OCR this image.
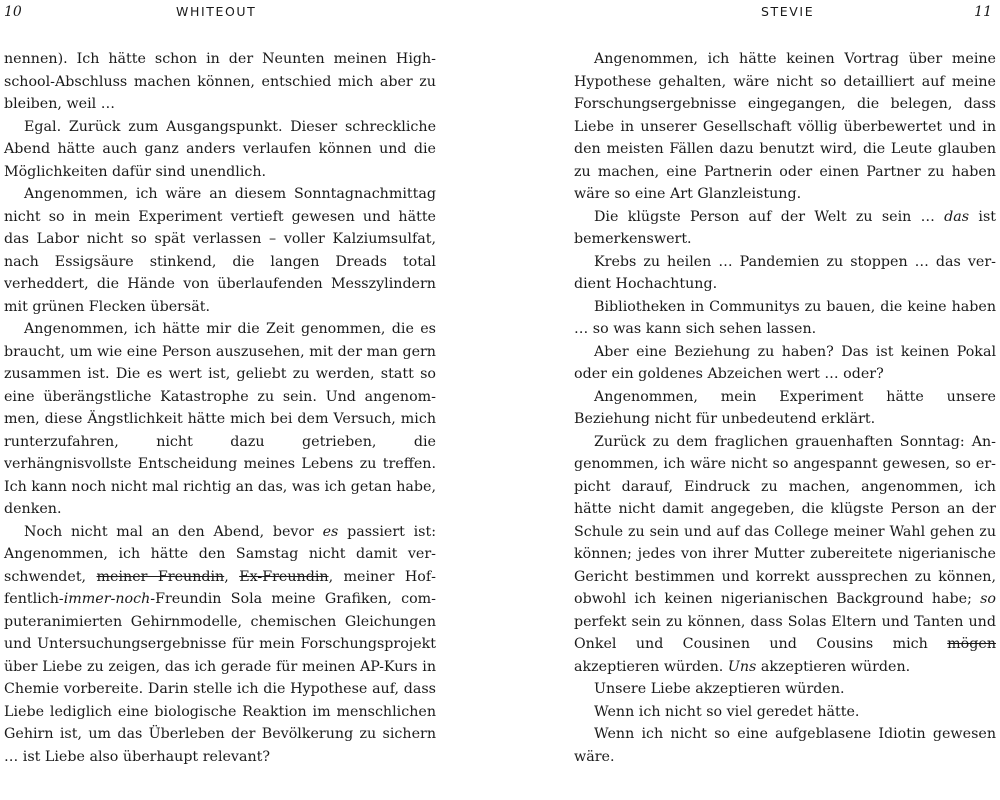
10	WHITEOUT

nennen). Ich hätte schon in der Neunten meinen Highschool-Abschluss machen können, entschied mich aber zu bleiben, weil …

Egal. Zurück zum Ausgangspunkt. Dieser schreckliche Abend hätte auch ganz anders verlaufen können und die Möglichkeiten dafür sind unendlich.

Angenommen, ich wäre an diesem Sonntagnachmittag nicht so in mein Experiment vertieft gewesen und hätte das Labor nicht so spät verlassen – voller Kalziumsulfat, nach Essigsäure stinkend, die langen Dreads total verheddert, die Hände von überlaufenden Messzylindern mit grünen Flecken übersät.

Angenommen, ich hätte mir die Zeit genommen, die es braucht, um wie eine Person auszusehen, mit der man gern zusammen ist. Die es wert ist, geliebt zu werden, statt so eine überängstliche Katastrophe zu sein. Und angenommen, diese Ängstlichkeit hätte mich bei dem Versuch, mich runterzufahren, nicht dazu getrieben, die verhängnisvollste Entscheidung meines Lebens zu treffen. Ich kann noch nicht mal richtig an das, was ich getan habe, denken.

Noch nicht mal an den Abend, bevor es passiert ist: Angenommen, ich hätte den Samstag nicht damit verschwendet, meiner Freundin, Ex-Freundin, meiner Hoffentlich-immer-noch-Freundin Sola meine Grafiken, computeranimierten Gehirnmodelle, chemischen Gleichungen und Untersuchungsergebnisse für mein Forschungsprojekt über Liebe zu zeigen, das ich gerade für meinen AP-Kurs in Chemie vorbereite. Darin stelle ich die Hypothese auf, dass Liebe lediglich eine biologische Reaktion im menschlichen Gehirn ist, um das Überleben der Bevölkerung zu sichern … ist Liebe also überhaupt relevant?

STEVIE	11

Angenommen, ich hätte keinen Vortrag über meine Hypothese gehalten, wäre nicht so detailliert auf meine Forschungsergebnisse eingegangen, die belegen, dass Liebe in unserer Gesellschaft völlig überbewertet und in den meisten Fällen dazu benutzt wird, die Leute glauben zu machen, eine Partnerin oder einen Partner zu haben wäre so eine Art Glanzleistung.

Die klügste Person auf der Welt zu sein … das ist bemerkenswert.

Krebs zu heilen … Pandemien zu stoppen … das verdient Hochachtung.

Bibliotheken in Communitys zu bauen, die keine haben … so was kann sich sehen lassen.

Aber eine Beziehung zu haben? Das ist keinen Pokal oder ein goldenes Abzeichen wert … oder?

Angenommen, mein Experiment hätte unsere Beziehung nicht für unbedeutend erklärt.

Zurück zu dem fraglichen grauenhaften Sonntag: Angenommen, ich wäre nicht so angespannt gewesen, so erpicht darauf, Eindruck zu machen, angenommen, ich hätte nicht damit angegeben, die klügste Person an der Schule zu sein und auf das College meiner Wahl gehen zu können; jedes von ihrer Mutter zubereitete nigerianische Gericht bestimmen und korrekt aussprechen zu können, obwohl ich keinen nigerianischen Background habe; so perfekt sein zu können, dass Solas Eltern und Tanten und Onkel und Cousinen und Cousins mich mögen akzeptieren würden. Uns akzeptieren würden.

Unsere Liebe akzeptieren würden.

Wenn ich nicht so viel geredet hätte.

Wenn ich nicht so eine aufgeblasene Idiotin gewesen wäre.
